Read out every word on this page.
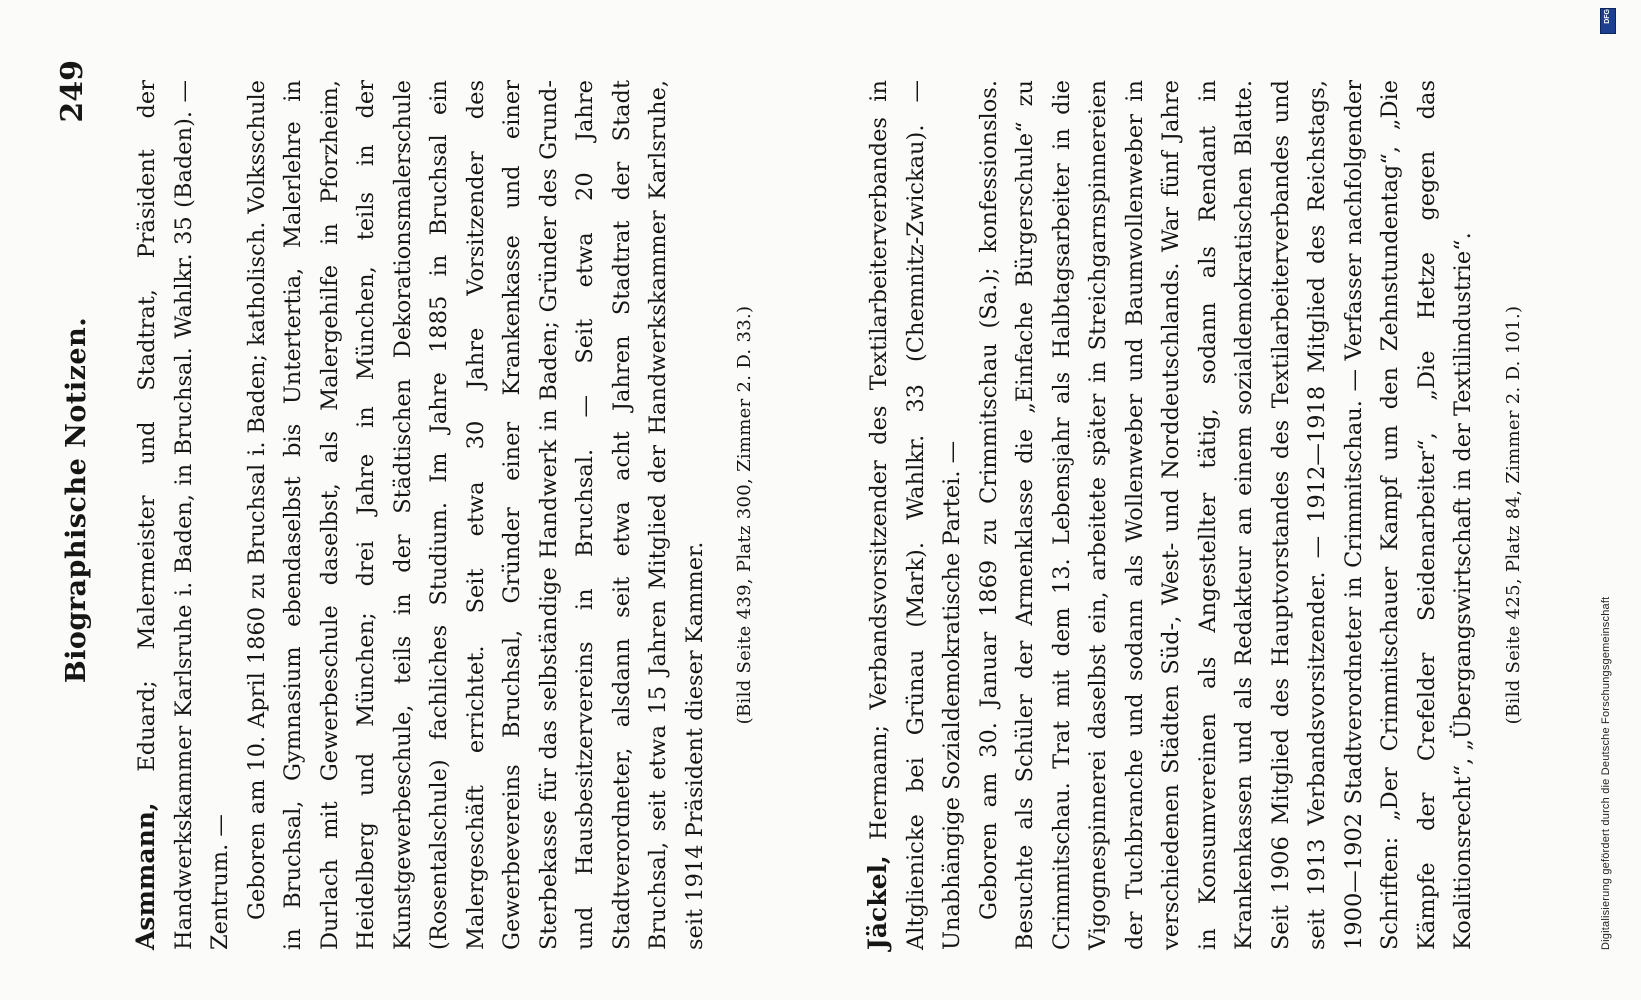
Biographische Notizen.
249

Asmmann, Eduard; Malermeister und Stadtrat, Präsident der Handwerkskammer Karlsruhe i. Baden, in Bruchsal. Wahlkr. 35 (Baden). — Zentrum. — Geboren am 10. April 1860 zu Bruchsal i. Baden; katholisch. Volksschule in Bruchsal, Gymnasium ebendaselbst bis Untertertia, Malerlehre in Durlach mit Gewerbeschule daselbst, als Malergehilfe in Pforzheim, Heidelberg und München; drei Jahre in München, teils in der Kunstgewerbeschule, teils in der Städtischen Dekorationsmalerschule (Rosentalschule) fachliches Studium. Im Jahre 1885 in Bruchsal ein Malergeschäft errichtet. Seit etwa 30 Jahre Vorsitzender des Gewerbevereins Bruchsal, Gründer einer Krankenkasse und einer Sterbekasse für das selbständige Handwerk in Baden; Gründer des Grund- und Hausbesitzervereins in Bruchsal. — Seit etwa 20 Jahre Stadtverordneter, alsdann seit etwa acht Jahren Stadtrat der Stadt Bruchsal, seit etwa 15 Jahren Mitglied der Handwerkskammer Karlsruhe, seit 1914 Präsident dieser Kammer.

(Bild Seite 439, Platz 300, Zimmer 2. D. 33.)

Jäckel, Hermann; Verbandsvorsitzender des Textilarbeiterverbandes in Altglienicke bei Grünau (Mark). Wahlkr. 33 (Chemnitz-Zwickau). — Unabhängige Sozialdemokratische Partei. — Geboren am 30. Januar 1869 zu Crimmitschau (Sa.); konfessionslos. Besuchte als Schüler der Armenklasse die „Einfache Bürgerschule“ zu Crimmitschau. Trat mit dem 13. Lebensjahr als Halbtagsarbeiter in die Vigognespinnerei daselbst ein, arbeitete später in Streichgarnspinnereien der Tuchbranche und sodann als Wollenweber und Baumwollenweber in verschiedenen Städten Süd-, West- und Norddeutschlands. War fünf Jahre in Konsumvereinen als Angestellter tätig, sodann als Rendant in Krankenkassen und als Redakteur an einem sozialdemokratischen Blatte. Seit 1906 Mitglied des Hauptvorstandes des Textilarbeiterverbandes und seit 1913 Verbandsvorsitzender. — 1912—1918 Mitglied des Reichstags, 1900—1902 Stadtverordneter in Crimmitschau. — Verfasser nachfolgender Schriften: „Der Crimmitschauer Kampf um den Zehnstundentag“, „Die Kämpfe der Crefelder Seidenarbeiter“, „Die Hetze gegen das Koalitionsrecht“, „Übergangswirtschaft in der Textilindustrie“.	(Bild Seite 425, Platz 84, Zimmer 2. D. 101.)
DFG
Digitalisierung gefördert durch die Deutsche Forschungsgemeinschaft
